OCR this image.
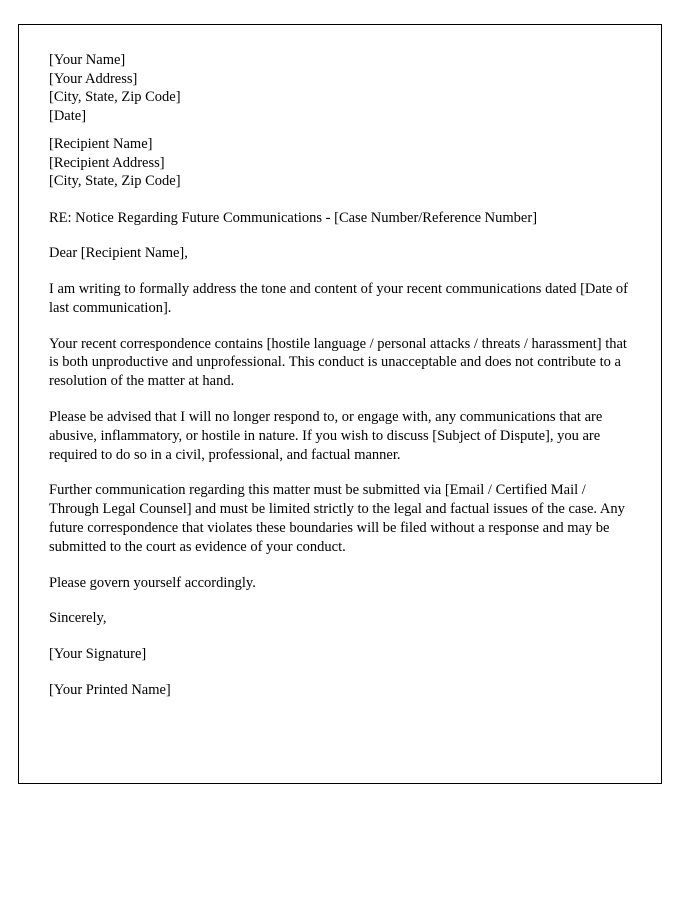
[Your Name]
[Your Address]
[City, State, Zip Code]
[Date]
[Recipient Name]
[Recipient Address]
[City, State, Zip Code]

RE: Notice Regarding Future Communications - [Case Number/Reference Number]

Dear [Recipient Name],

I am writing to formally address the tone and content of your recent communications dated [Date of last communication].

Your recent correspondence contains [hostile language / personal attacks / threats / harassment] that is both unproductive and unprofessional. This conduct is unacceptable and does not contribute to a resolution of the matter at hand.

Please be advised that I will no longer respond to, or engage with, any communications that are abusive, inflammatory, or hostile in nature. If you wish to discuss [Subject of Dispute], you are required to do so in a civil, professional, and factual manner.

Further communication regarding this matter must be submitted via [Email / Certified Mail / Through Legal Counsel] and must be limited strictly to the legal and factual issues of the case. Any future correspondence that violates these boundaries will be filed without a response and may be submitted to the court as evidence of your conduct.

Please govern yourself accordingly.

Sincerely,

[Your Signature]

[Your Printed Name]
